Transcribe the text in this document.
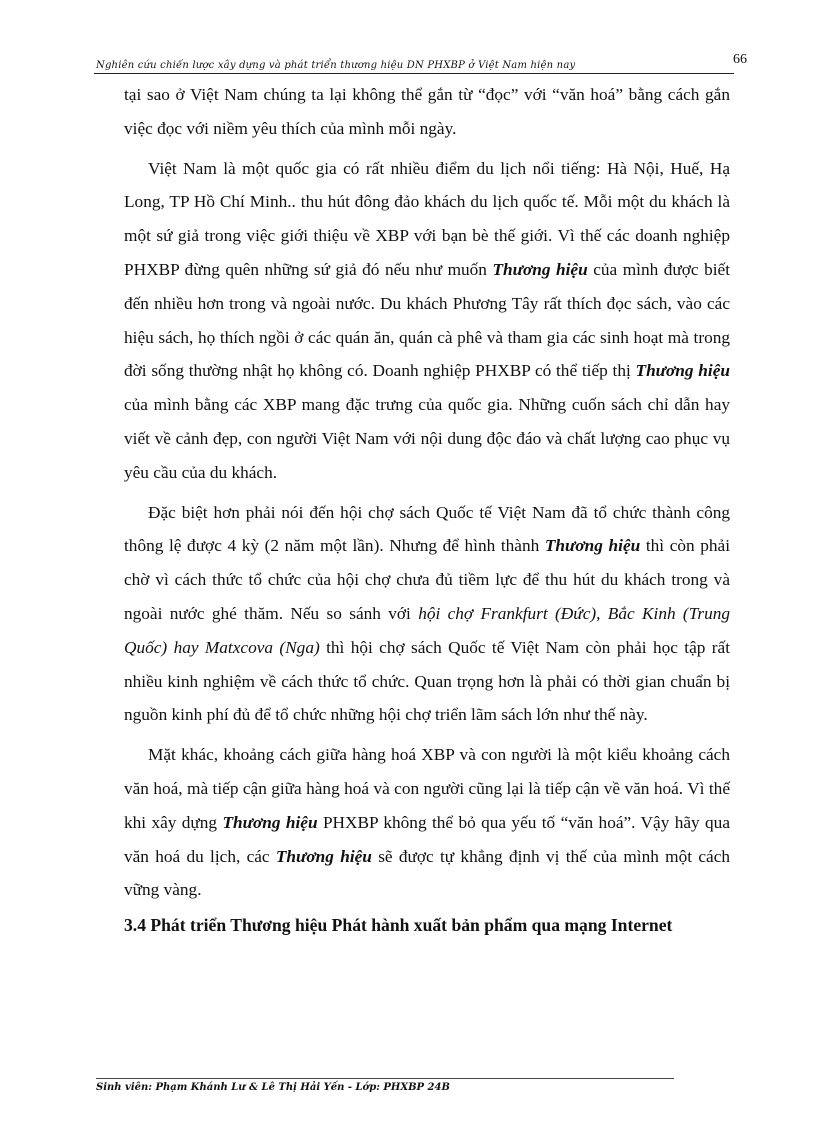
Nghiên cứu chiến lược xây dựng và phát triển thương hiệu DN PHXBP ở Việt Nam hiện nay	66

tại sao ở Việt Nam chúng ta lại không thể gắn từ “đọc” với “văn hoá” bằng cách gắn việc đọc với niềm yêu thích của mình mỗi ngày.

Việt Nam là một quốc gia có rất nhiều điểm du lịch nổi tiếng: Hà Nội, Huế, Hạ Long, TP Hồ Chí Minh.. thu hút đông đảo khách du lịch quốc tế. Mỗi một du khách là một sứ giả trong việc giới thiệu về XBP với bạn bè thế giới. Vì thế các doanh nghiệp PHXBP đừng quên những sứ giả đó nếu như muốn Thương hiệu của mình được biết đến nhiều hơn trong và ngoài nước. Du khách Phương Tây rất thích đọc sách, vào các hiệu sách, họ thích ngồi ở các quán ăn, quán cà phê và tham gia các sinh hoạt mà trong đời sống thường nhật họ không có. Doanh nghiệp PHXBP có thể tiếp thị Thương hiệu của mình bằng các XBP mang đặc trưng của quốc gia. Những cuốn sách chỉ dẫn hay viết về cảnh đẹp, con người Việt Nam với nội dung độc đáo và chất lượng cao phục vụ yêu cầu của du khách.

Đặc biệt hơn phải nói đến hội chợ sách Quốc tế Việt Nam đã tổ chức thành công thông lệ được 4 kỳ (2 năm một lần). Nhưng để hình thành Thương hiệu thì còn phải chờ vì cách thức tổ chức của hội chợ chưa đủ tiềm lực để thu hút du khách trong và ngoài nước ghé thăm. Nếu so sánh với hội chợ Frankfurt (Đức), Bắc Kinh (Trung Quốc) hay Matxcova (Nga) thì hội chợ sách Quốc tế Việt Nam còn phải học tập rất nhiều kinh nghiệm về cách thức tổ chức. Quan trọng hơn là phải có thời gian chuẩn bị nguồn kinh phí đủ để tổ chức những hội chợ triển lãm sách lớn như thế này.

Mặt khác, khoảng cách giữa hàng hoá XBP và con người là một kiểu khoảng cách văn hoá, mà tiếp cận giữa hàng hoá và con người cũng lại là tiếp cận về văn hoá. Vì thế khi xây dựng Thương hiệu PHXBP không thể bỏ qua yếu tố “văn hoá”. Vậy hãy qua văn hoá du lịch, các Thương hiệu sẽ được tự khẳng định vị thế của mình một cách vững vàng.

3.4 Phát triển Thương hiệu Phát hành xuất bản phẩm qua mạng Internet

Sinh viên: Phạm Khánh Lư & Lê Thị Hải Yến - Lớp: PHXBP 24B
